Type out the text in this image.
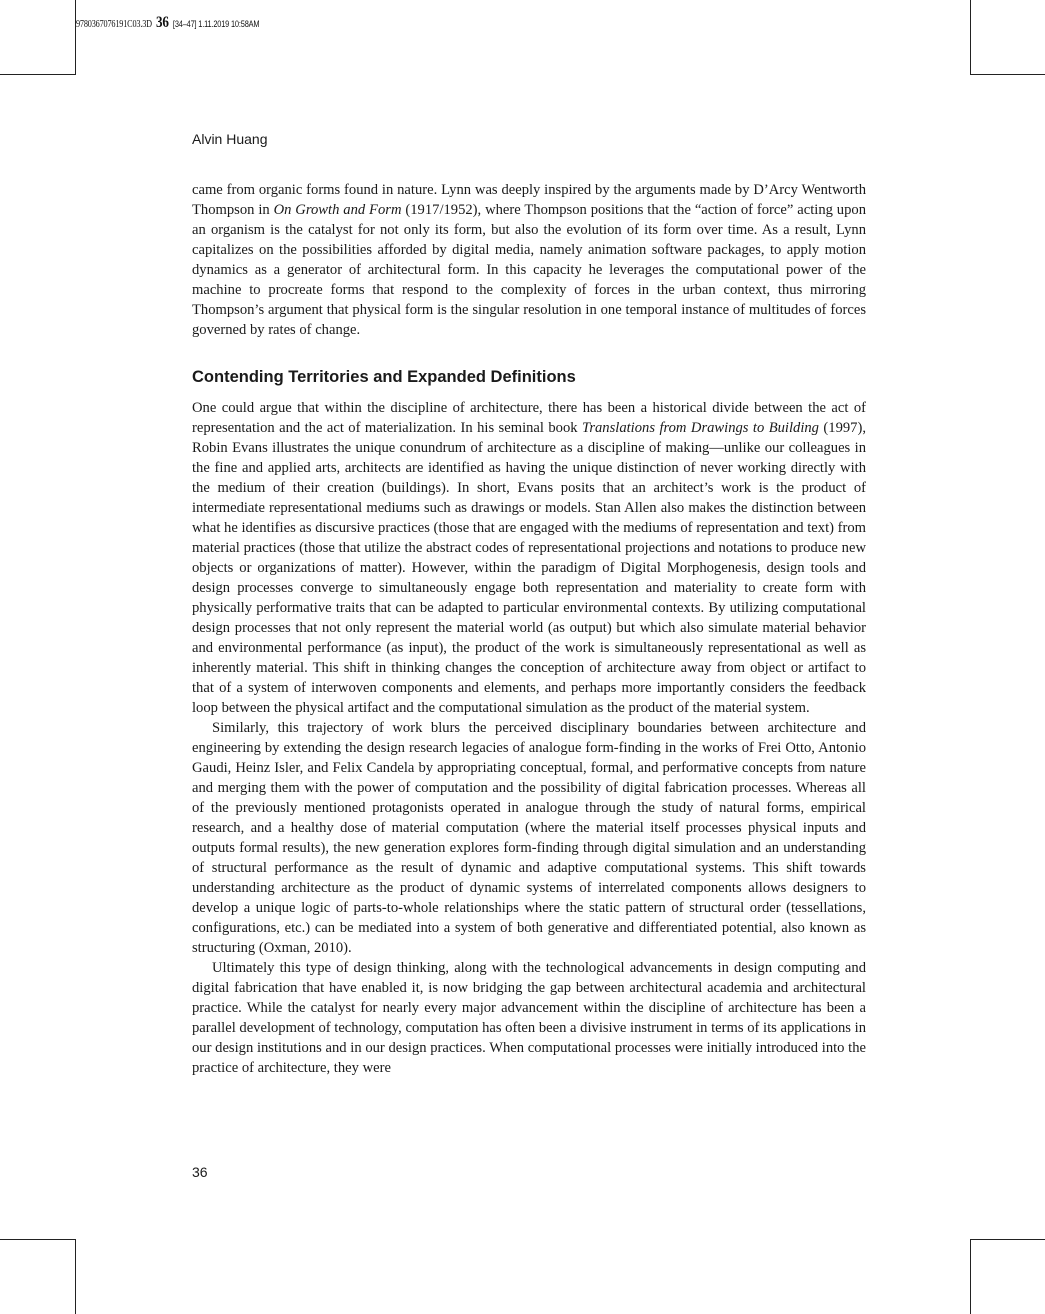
9780367076191C03.3D 36 [34–47] 1.11.2019 10:58AM
Alvin Huang

came from organic forms found in nature. Lynn was deeply inspired by the arguments made by D’Arcy Wentworth Thompson in On Growth and Form (1917/1952), where Thompson positions that the “action of force” acting upon an organism is the catalyst for not only its form, but also the evolution of its form over time. As a result, Lynn capitalizes on the possibilities afforded by digital media, namely animation software packages, to apply motion dynamics as a generator of architectural form. In this capacity he leverages the computational power of the machine to procreate forms that respond to the complexity of forces in the urban context, thus mirroring Thompson’s argument that physical form is the singular resolution in one temporal instance of multitudes of forces governed by rates of change.

Contending Territories and Expanded Definitions

One could argue that within the discipline of architecture, there has been a historical divide between the act of representation and the act of materialization. In his seminal book Translations from Drawings to Building (1997), Robin Evans illustrates the unique conundrum of architecture as a discipline of making—unlike our colleagues in the fine and applied arts, architects are identified as having the unique distinction of never working directly with the medium of their creation (buildings). In short, Evans posits that an architect’s work is the product of intermediate representational mediums such as drawings or models. Stan Allen also makes the distinction between what he identifies as discursive practices (those that are engaged with the mediums of representation and text) from material practices (those that utilize the abstract codes of representational projections and notations to produce new objects or organizations of matter). However, within the paradigm of Digital Morphogenesis, design tools and design processes converge to simultaneously engage both representation and materiality to create form with physically performative traits that can be adapted to particular environmental contexts. By utilizing computational design processes that not only represent the material world (as output) but which also simulate material behavior and environmental performance (as input), the product of the work is simultaneously representational as well as inherently material. This shift in thinking changes the conception of architecture away from object or artifact to that of a system of interwoven components and elements, and perhaps more importantly considers the feedback loop between the physical artifact and the computational simulation as the product of the material system.

Similarly, this trajectory of work blurs the perceived disciplinary boundaries between architecture and engineering by extending the design research legacies of analogue form-finding in the works of Frei Otto, Antonio Gaudi, Heinz Isler, and Felix Candela by appropriating conceptual, formal, and performative concepts from nature and merging them with the power of computation and the possibility of digital fabrication processes. Whereas all of the previously mentioned protagonists operated in analogue through the study of natural forms, empirical research, and a healthy dose of material computation (where the material itself processes physical inputs and outputs formal results), the new generation explores form-finding through digital simulation and an understanding of structural performance as the result of dynamic and adaptive computational systems. This shift towards understanding architecture as the product of dynamic systems of interrelated components allows designers to develop a unique logic of parts-to-whole relationships where the static pattern of structural order (tessellations, configurations, etc.) can be mediated into a system of both generative and differentiated potential, also known as structuring (Oxman, 2010).

Ultimately this type of design thinking, along with the technological advancements in design computing and digital fabrication that have enabled it, is now bridging the gap between architectural academia and architectural practice. While the catalyst for nearly every major advancement within the discipline of architecture has been a parallel development of technology, computation has often been a divisive instrument in terms of its applications in our design institutions and in our design practices. When computational processes were initially introduced into the practice of architecture, they were

36
